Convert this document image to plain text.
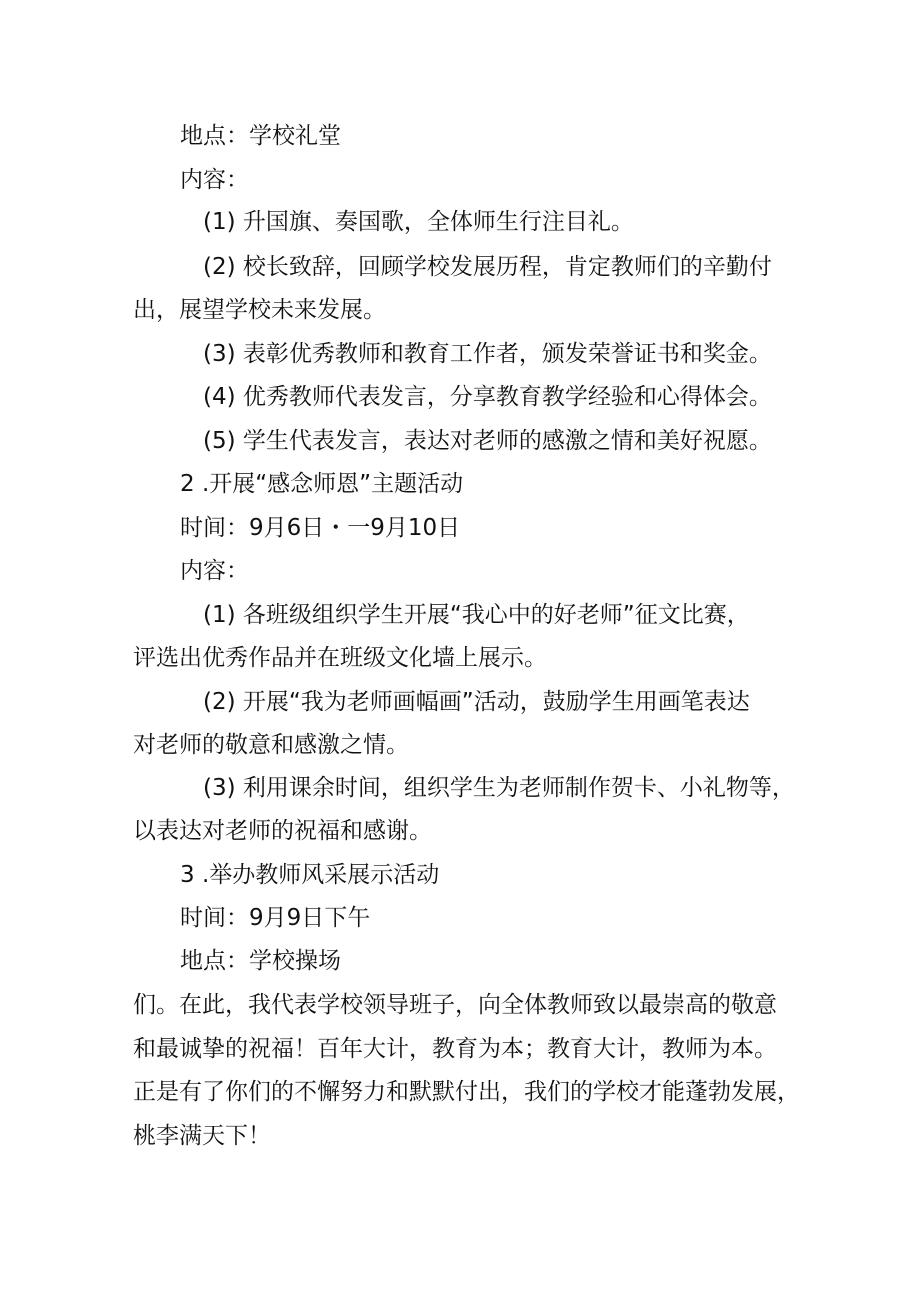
地点：学校礼堂
内容：
(1) 升国旗、奏国歌，全体师生行注目礼。
(2) 校长致辞，回顾学校发展历程，肯定教师们的辛勤付
出，展望学校未来发展。
(3) 表彰优秀教师和教育工作者，颁发荣誉证书和奖金。
(4) 优秀教师代表发言，分享教育教学经验和心得体会。
(5) 学生代表发言，表达对老师的感激之情和美好祝愿。
2 .开展“感念师恩”主题活动
时间：9月6日・一9月10日
内容：
(1) 各班级组织学生开展“我心中的好老师”征文比赛，
评选出优秀作品并在班级文化墙上展示。
(2) 开展“我为老师画幅画”活动，鼓励学生用画笔表达
对老师的敬意和感激之情。
(3) 利用课余时间，组织学生为老师制作贺卡、小礼物等，
以表达对老师的祝福和感谢。
3 .举办教师风采展示活动
时间：9月9日下午
地点：学校操场
们。在此，我代表学校领导班子，向全体教师致以最崇高的敬意
和最诚挚的祝福！百年大计，教育为本；教育大计，教师为本。
正是有了你们的不懈努力和默默付出，我们的学校才能蓬勃发展，
桃李满天下！
